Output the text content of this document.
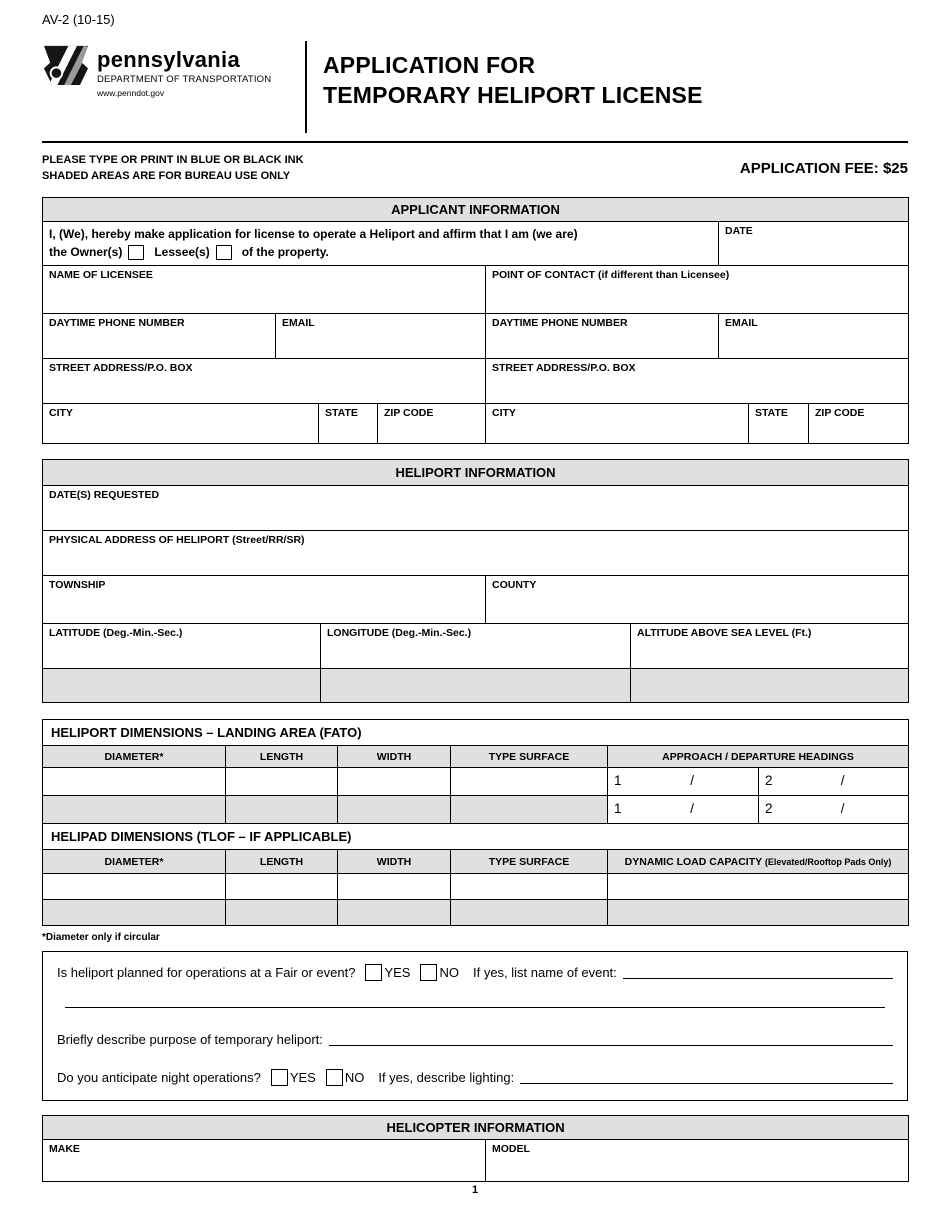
AV-2 (10-15)
pennsylvania
DEPARTMENT OF TRANSPORTATION
www.penndot.gov
APPLICATION FOR
TEMPORARY HELIPORT LICENSE
PLEASE TYPE OR PRINT IN BLUE OR BLACK INK
SHADED AREAS ARE FOR BUREAU USE ONLY	APPLICATION FEE: $25
APPLICANT INFORMATION							

I, (We), hereby make application for license to operate a Heliport and affirm that I am (we are)
the Owner(s) Lessee(s) of the property.					DATE		
NAME OF LICENSEE				POINT OF CONTACT (if different than Licensee)			
DAYTIME PHONE NUMBER	EMAIL			DAYTIME PHONE NUMBER	EMAIL		
STREET ADDRESS/P.O. BOX				STREET ADDRESS/P.O. BOX			
CITY		STATE	ZIP CODE	CITY		STATE	ZIP CODE
HELIPORT INFORMATION			
DATE(S) REQUESTED			
PHYSICAL ADDRESS OF HELIPORT (Street/RR/SR)			
TOWNSHIP		COUNTY	
LATITUDE (Deg.-Min.-Sec.)	LONGITUDE (Deg.-Min.-Sec.)		ALTITUDE ABOVE SEA LEVEL (Ft.)

HELIPORT DIMENSIONS – LANDING AREA (FATO)					
DIAMETER*	LENGTH	WIDTH	TYPE SURFACE	APPROACH / DEPARTURE HEADINGS	

				1 /	2 /

				1 /	2 /

HELIPAD DIMENSIONS (TLOF – IF APPLICABLE)					
DIAMETER*	LENGTH	WIDTH	TYPE SURFACE	DYNAMIC LOAD CAPACITY (Elevated/Rooftop Pads Only)	

*Diameter only if circular
Is heliport planned for operations at a Fair or event? YES NO If yes, list name of event:
Briefly describe purpose of temporary heliport:
Do you anticipate night operations? YES NO If yes, describe lighting:
HELICOPTER INFORMATION
MAKE	MODEL
1
